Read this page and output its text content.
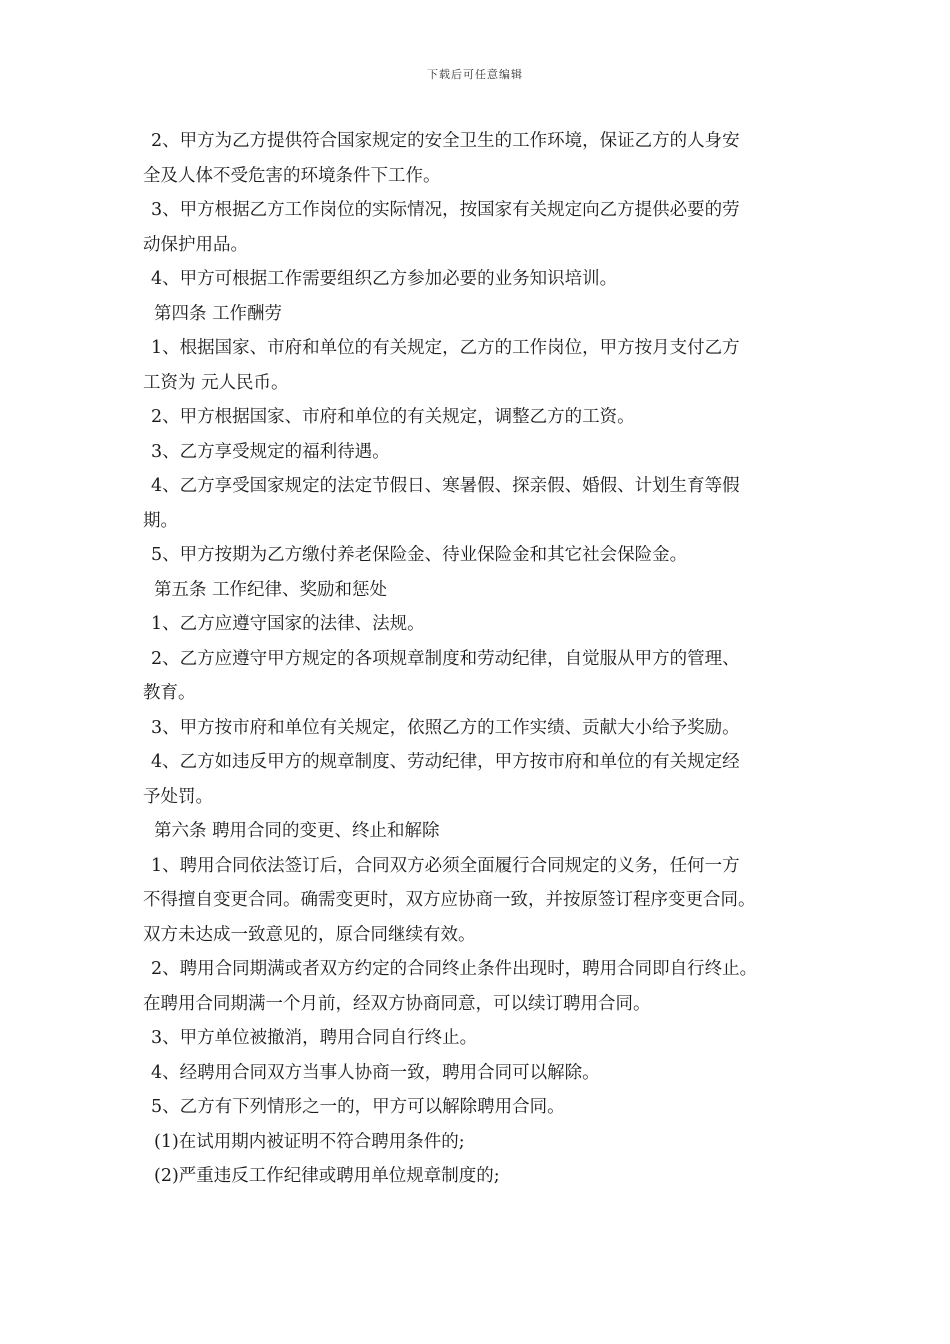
下载后可任意编辑
2、甲方为乙方提供符合国家规定的安全卫生的工作环境，保证乙方的人身安
全及人体不受危害的环境条件下工作。
3、甲方根据乙方工作岗位的实际情况，按国家有关规定向乙方提供必要的劳
动保护用品。
4、甲方可根据工作需要组织乙方参加必要的业务知识培训。
第四条 工作酬劳
1、根据国家、市府和单位的有关规定，乙方的工作岗位，甲方按月支付乙方
工资为 元人民币。
2、甲方根据国家、市府和单位的有关规定，调整乙方的工资。
3、乙方享受规定的福利待遇。
4、乙方享受国家规定的法定节假日、寒暑假、探亲假、婚假、计划生育等假
期。
5、甲方按期为乙方缴付养老保险金、待业保险金和其它社会保险金。
第五条 工作纪律、奖励和惩处
1、乙方应遵守国家的法律、法规。
2、乙方应遵守甲方规定的各项规章制度和劳动纪律，自觉服从甲方的管理、
教育。
3、甲方按市府和单位有关规定，依照乙方的工作实绩、贡献大小给予奖励。
4、乙方如违反甲方的规章制度、劳动纪律，甲方按市府和单位的有关规定经
予处罚。
第六条 聘用合同的变更、终止和解除
1、聘用合同依法签订后，合同双方必须全面履行合同规定的义务，任何一方
不得擅自变更合同。确需变更时，双方应协商一致，并按原签订程序变更合同。
双方未达成一致意见的，原合同继续有效。
2、聘用合同期满或者双方约定的合同终止条件出现时，聘用合同即自行终止。
在聘用合同期满一个月前，经双方协商同意，可以续订聘用合同。
3、甲方单位被撤消，聘用合同自行终止。
4、经聘用合同双方当事人协商一致，聘用合同可以解除。
5、乙方有下列情形之一的，甲方可以解除聘用合同。
(1)在试用期内被证明不符合聘用条件的;
(2)严重违反工作纪律或聘用单位规章制度的;
